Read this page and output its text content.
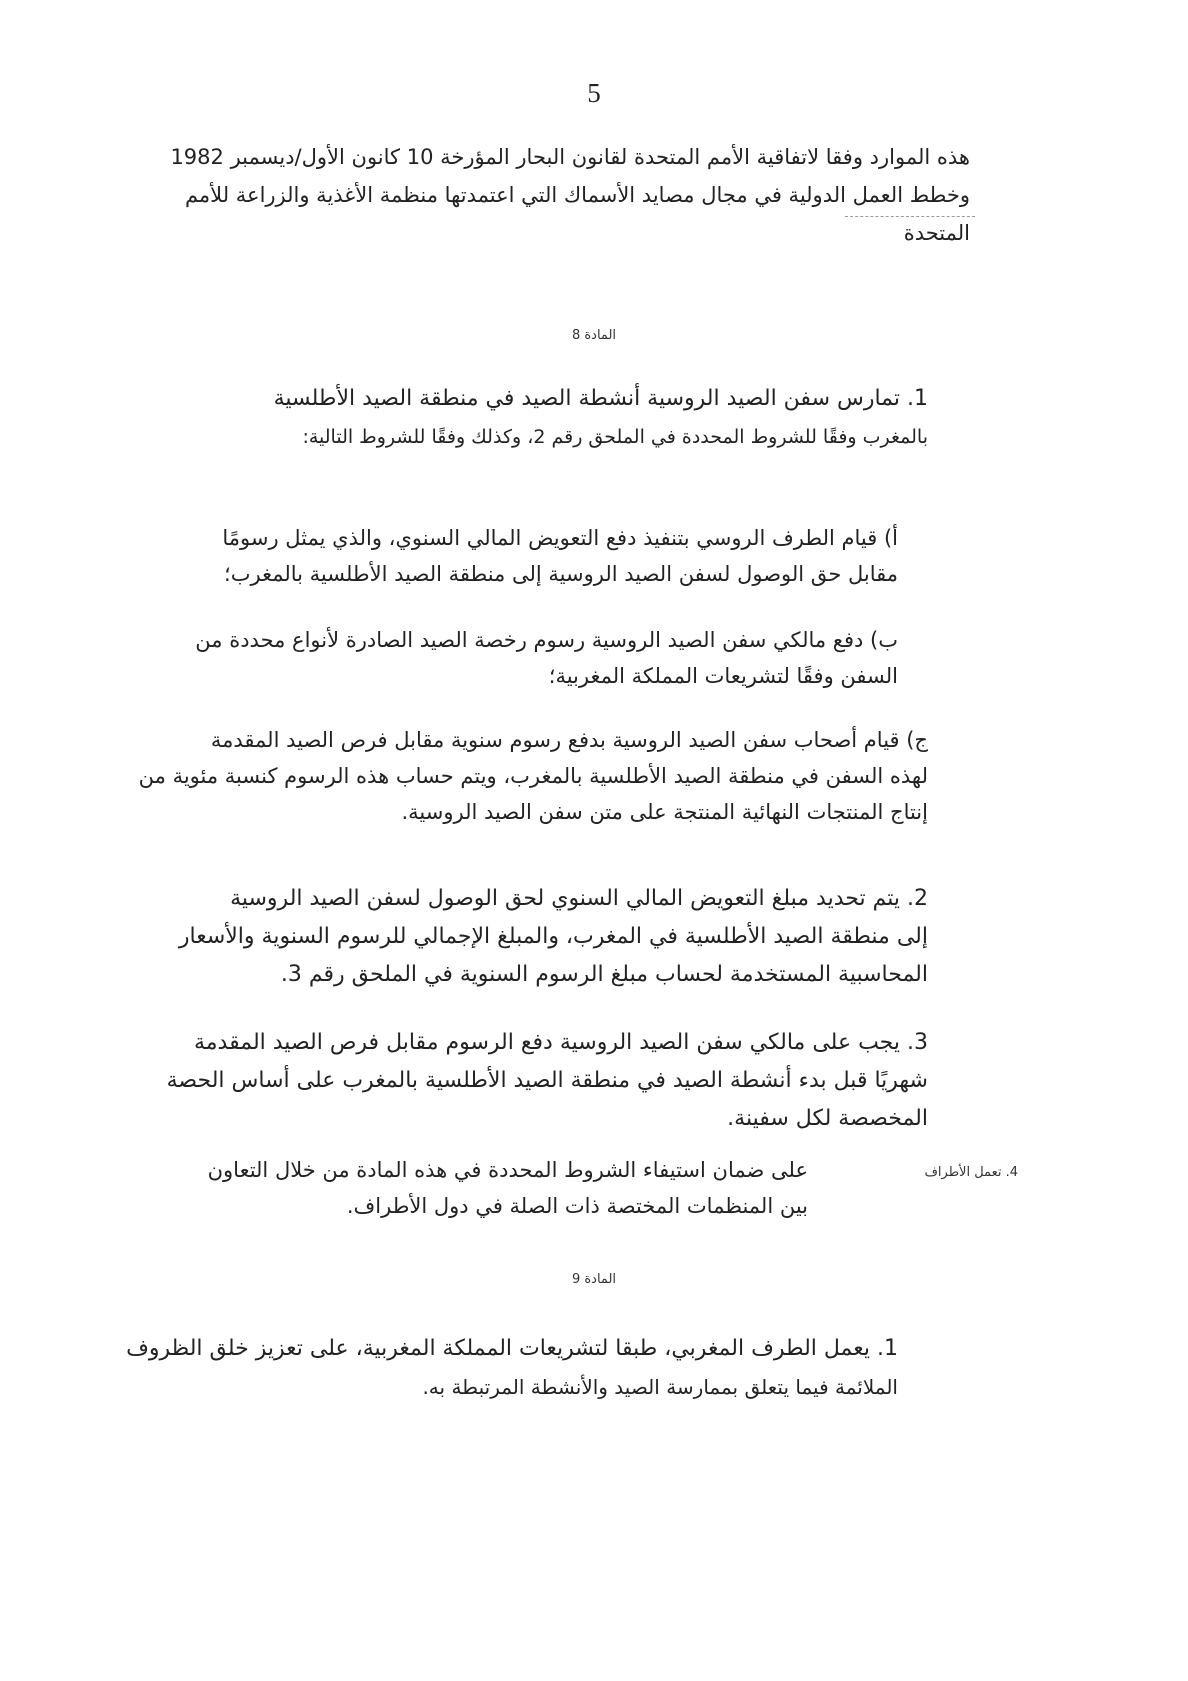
5
هذه الموارد وفقا لاتفاقية الأمم المتحدة لقانون البحار المؤرخة 10 كانون الأول/ديسمبر 1982
وخطط العمل الدولية في مجال مصايد الأسماك التي اعتمدتها منظمة الأغذية والزراعة للأمم
المتحدة
المادة 8
1. تمارس سفن الصيد الروسية أنشطة الصيد في منطقة الصيد الأطلسية
بالمغرب وفقًا للشروط المحددة في الملحق رقم 2، وكذلك وفقًا للشروط التالية:
أ) قيام الطرف الروسي بتنفيذ دفع التعويض المالي السنوي، والذي يمثل رسومًا
مقابل حق الوصول لسفن الصيد الروسية إلى منطقة الصيد الأطلسية بالمغرب؛
ب) دفع مالكي سفن الصيد الروسية رسوم رخصة الصيد الصادرة لأنواع محددة من
السفن وفقًا لتشريعات المملكة المغربية؛
ج) قيام أصحاب سفن الصيد الروسية بدفع رسوم سنوية مقابل فرص الصيد المقدمة
لهذه السفن في منطقة الصيد الأطلسية بالمغرب، ويتم حساب هذه الرسوم كنسبة مئوية من
إنتاج المنتجات النهائية المنتجة على متن سفن الصيد الروسية.
2. يتم تحديد مبلغ التعويض المالي السنوي لحق الوصول لسفن الصيد الروسية
إلى منطقة الصيد الأطلسية في المغرب، والمبلغ الإجمالي للرسوم السنوية والأسعار
المحاسبية المستخدمة لحساب مبلغ الرسوم السنوية في الملحق رقم 3.
3. يجب على مالكي سفن الصيد الروسية دفع الرسوم مقابل فرص الصيد المقدمة
شهريًا قبل بدء أنشطة الصيد في منطقة الصيد الأطلسية بالمغرب على أساس الحصة
المخصصة لكل سفينة.
4. تعمل الأطراف
على ضمان استيفاء الشروط المحددة في هذه المادة من خلال التعاون
بين المنظمات المختصة ذات الصلة في دول الأطراف.
المادة 9
1. يعمل الطرف المغربي، طبقا لتشريعات المملكة المغربية، على تعزيز خلق الظروف
الملائمة فيما يتعلق بممارسة الصيد والأنشطة المرتبطة به.
